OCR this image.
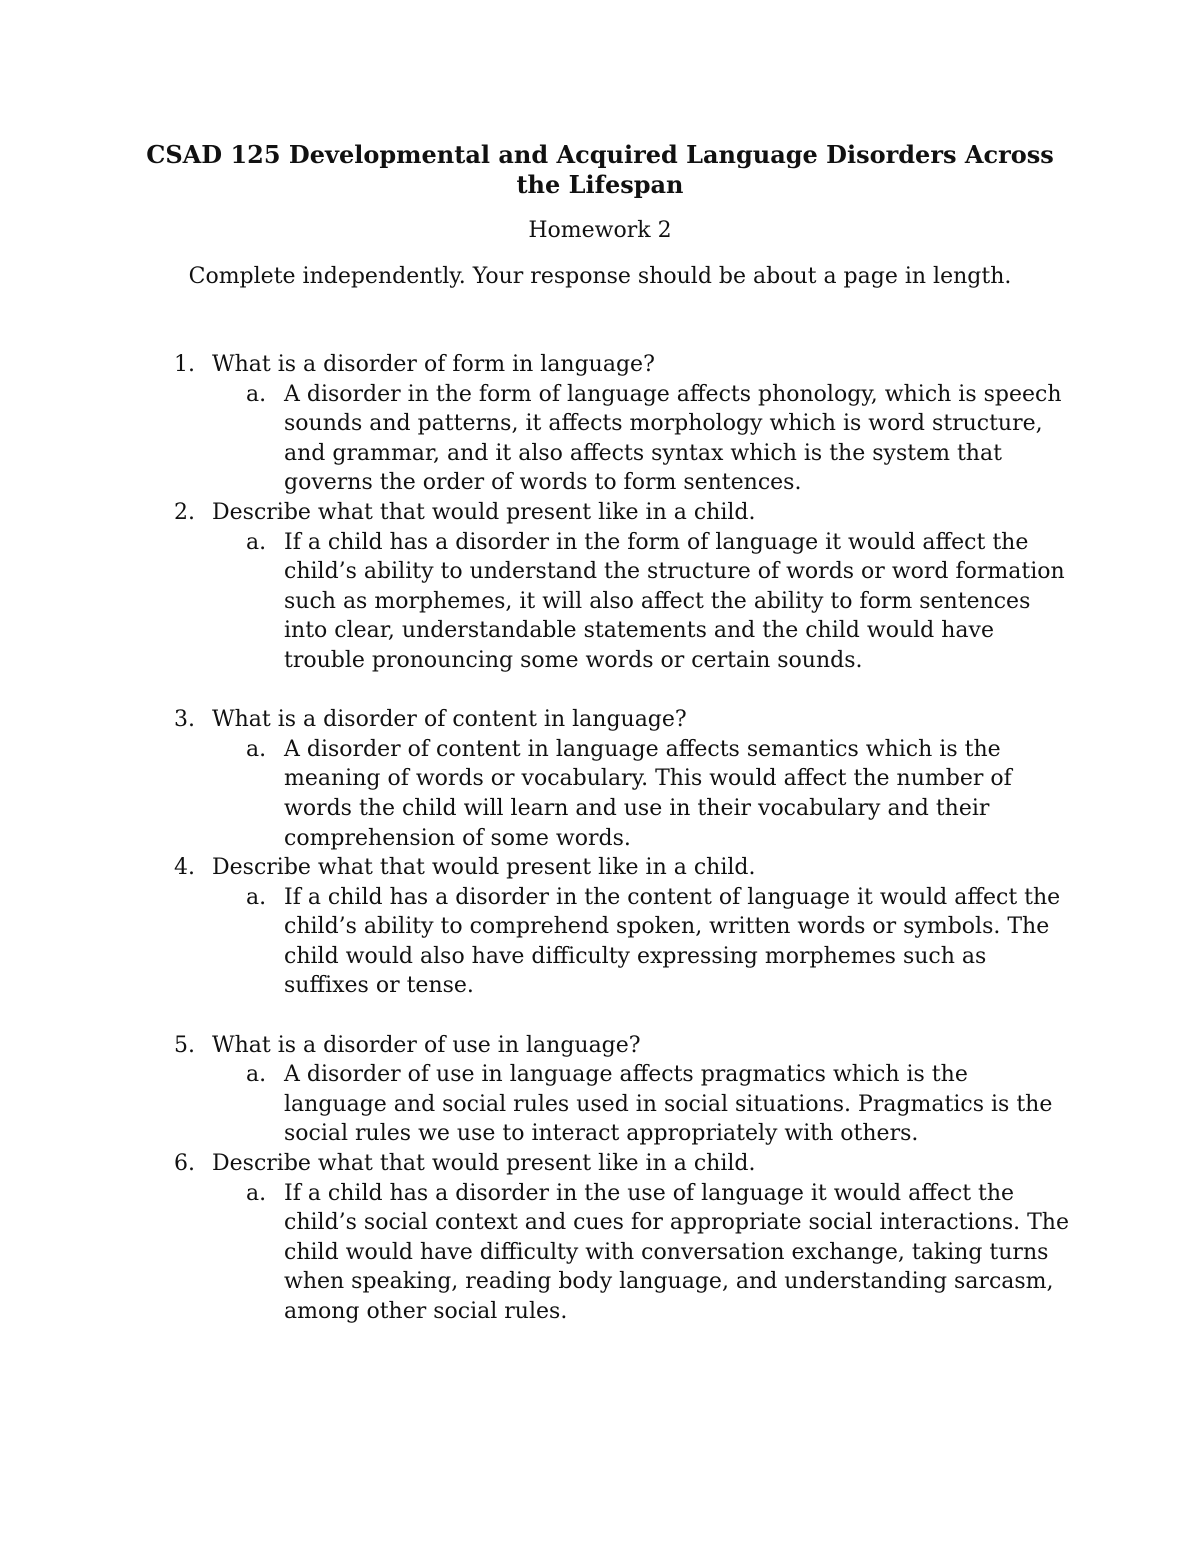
CSAD 125 Developmental and Acquired Language Disorders Across
the Lifespan
Homework 2
Complete independently. Your response should be about a page in length.
1. What is a disorder of form in language?
a. A disorder in the form of language affects phonology, which is speech sounds and patterns, it affects morphology which is word structure, and grammar, and it also affects syntax which is the system that governs the order of words to form sentences.
2. Describe what that would present like in a child.
a. If a child has a disorder in the form of language it would affect the child’s ability to understand the structure of words or word formation such as morphemes, it will also affect the ability to form sentences into clear, understandable statements and the child would have trouble pronouncing some words or certain sounds.
3. What is a disorder of content in language?
a. A disorder of content in language affects semantics which is the meaning of words or vocabulary. This would affect the number of words the child will learn and use in their vocabulary and their comprehension of some words.
4. Describe what that would present like in a child.
a. If a child has a disorder in the content of language it would affect the child’s ability to comprehend spoken, written words or symbols. The child would also have difficulty expressing morphemes such as suffixes or tense.
5. What is a disorder of use in language?
a. A disorder of use in language affects pragmatics which is the language and social rules used in social situations. Pragmatics is the social rules we use to interact appropriately with others.
6. Describe what that would present like in a child.
a. If a child has a disorder in the use of language it would affect the child’s social context and cues for appropriate social interactions. The child would have difficulty with conversation exchange, taking turns when speaking, reading body language, and understanding sarcasm, among other social rules.
